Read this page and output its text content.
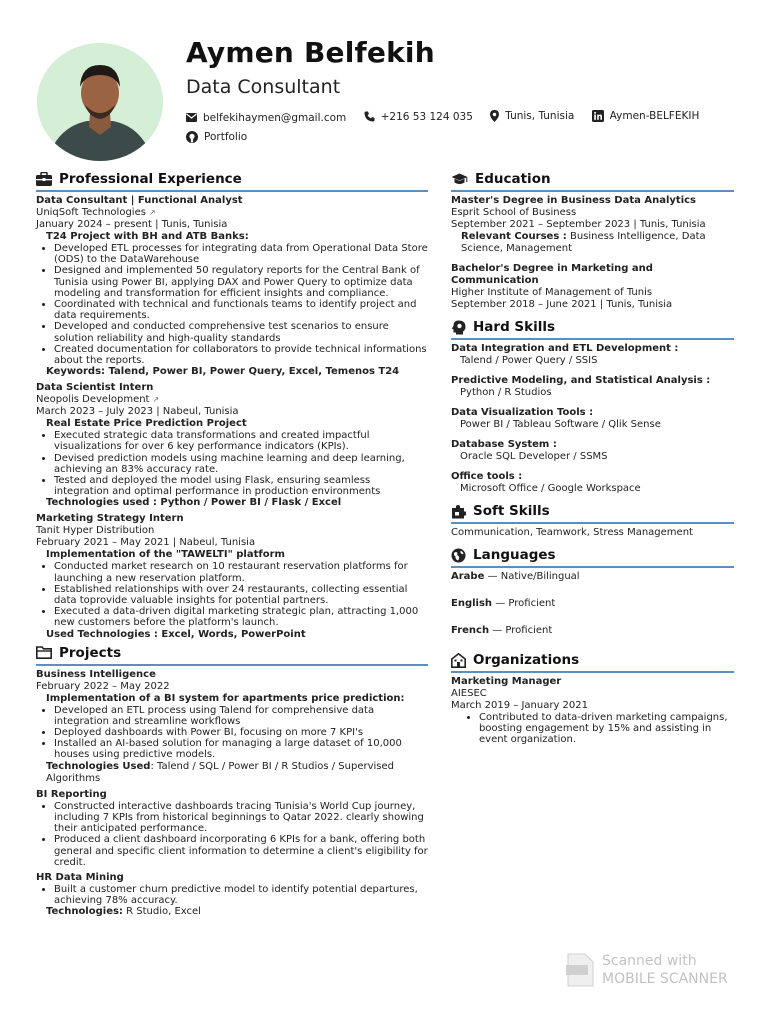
Aymen Belfekih
Data Consultant
belfekihaymen@gmail.com
	+216 53 124 035
	Tunis, Tunisia
	Aymen-BELFEKIH
Portfolio
Professional Experience
Data Consultant | Functional Analyst
UniqSoft Technologies ↗
January 2024 – present | Tunis, Tunisia
T24 Project with BH and ATB Banks:
• Developed ETL processes for integrating data from Operational Data Store (ODS) to the DataWarehouse
• Designed and implemented 50 regulatory reports for the Central Bank of Tunisia using Power BI, applying DAX and Power Query to optimize data modeling and transformation for efficient insights and compliance.
• Coordinated with technical and functionals teams to identify project and data requirements.
• Developed and conducted comprehensive test scenarios to ensure solution reliability and high-quality standards
• Created documentation for collaborators to provide technical informations about the reports.
Keywords: Talend, Power BI, Power Query, Excel, Temenos T24
Data Scientist Intern
Neopolis Development ↗
March 2023 – July 2023 | Nabeul, Tunisia
Real Estate Price Prediction Project
• Executed strategic data transformations and created impactful visualizations for over 6 key performance indicators (KPIs).
• Devised prediction models using machine learning and deep learning, achieving an 83% accuracy rate.
• Tested and deployed the model using Flask, ensuring seamless integration and optimal performance in production environments
Technologies used : Python / Power BI / Flask / Excel
Marketing Strategy Intern
Tanit Hyper Distribution
February 2021 – May 2021 | Nabeul, Tunisia
Implementation of the "TAWELTI" platform
• Conducted market research on 10 restaurant reservation platforms for launching a new reservation platform.
• Established relationships with over 24 restaurants, collecting essential data toprovide valuable insights for potential partners.
• Executed a data-driven digital marketing strategic plan, attracting 1,000 new customers before the platform's launch.
Used Technologies : Excel, Words, PowerPoint
Projects
Business Intelligence
February 2022 – May 2022
Implementation of a BI system for apartments price prediction:
• Developed an ETL process using Talend for comprehensive data integration and streamline workflows
• Deployed dashboards with Power BI, focusing on more 7 KPI's
• Installed an AI-based solution for managing a large dataset of 10,000 houses using predictive models.
Technologies Used: Talend / SQL / Power BI / R Studios / Supervised Algorithms
BI Reporting
• Constructed interactive dashboards tracing Tunisia's World Cup journey, including 7 KPIs from historical beginnings to Qatar 2022. clearly showing their anticipated performance.
• Produced a client dashboard incorporating 6 KPIs for a bank, offering both general and specific client information to determine a client's eligibility for credit.
HR Data Mining
• Built a customer churn predictive model to identify potential departures, achieving 78% accuracy.
Technologies: R Studio, Excel
Education
Master's Degree in Business Data Analytics
Esprit School of Business
September 2021 – September 2023 | Tunis, Tunisia
Relevant Courses : Business Intelligence, Data Science, Management
Bachelor's Degree in Marketing and Communication
Higher Institute of Management of Tunis
September 2018 – June 2021 | Tunis, Tunisia
Hard Skills
Data Integration and ETL Development :
Talend / Power Query / SSIS
Predictive Modeling, and Statistical Analysis :
Python / R Studios
Data Visualization Tools :
Power BI / Tableau Software / Qlik Sense
Database System :
Oracle SQL Developer / SSMS
Office tools :
Microsoft Office / Google Workspace
Soft Skills
Communication, Teamwork, Stress Management
Languages
Arabe — Native/Bilingual
English — Proficient
French — Proficient
Organizations
Marketing Manager
AIESEC
March 2019 – January 2021
• Contributed to data-driven marketing campaigns, boosting engagement by 15% and assisting in event organization.
Scanned with
MOBILE SCANNER
